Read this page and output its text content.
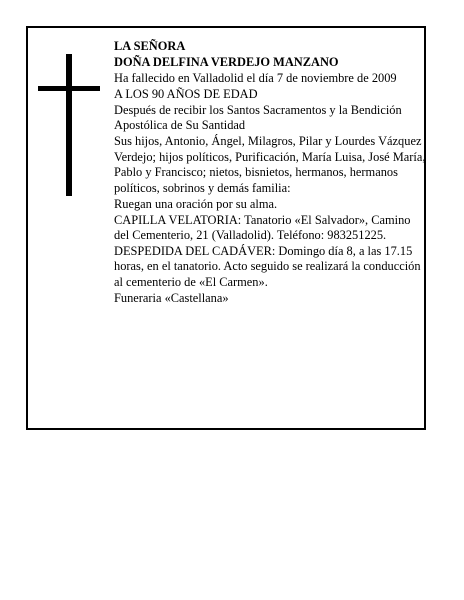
LA SEÑORA

DOÑA DELFINA VERDEJO MANZANO

Ha fallecido en Valladolid el día 7 de noviembre de 2009

A LOS 90 AÑOS DE EDAD

Después de recibir los Santos Sacramentos y la Bendición Apostólica de Su Santidad

Sus hijos, Antonio, Ángel, Milagros, Pilar y Lourdes Vázquez Verdejo; hijos políticos, Purificación, María Luisa, José María, Pablo y Francisco; nietos, bisnietos, hermanos, hermanos políticos, sobrinos y demás familia:

Ruegan una oración por su alma.

CAPILLA VELATORIA: Tanatorio «El Salvador», Camino del Cementerio, 21 (Valladolid). Teléfono: 983251225.

DESPEDIDA DEL CADÁVER: Domingo día 8, a las 17.15 horas, en el tanatorio. Acto seguido se realizará la conducción al cementerio de «El Carmen».

Funeraria «Castellana»
